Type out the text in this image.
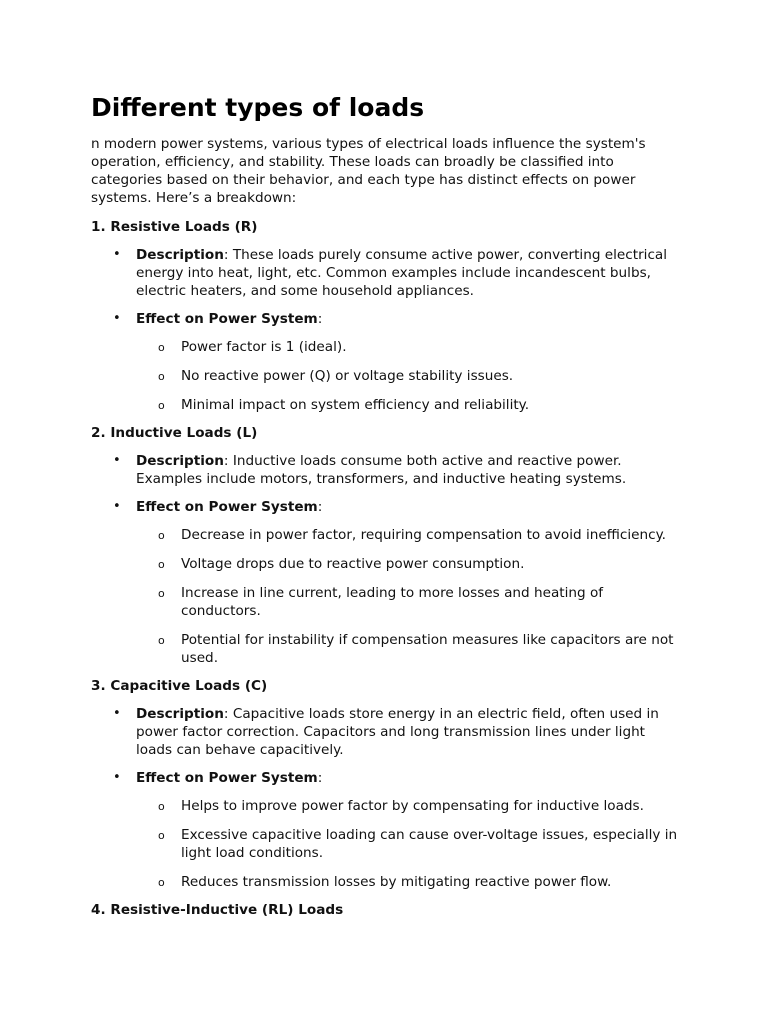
Different types of loads

n modern power systems, various types of electrical loads influence the system's operation, efficiency, and stability. These loads can broadly be classified into categories based on their behavior, and each type has distinct effects on power systems. Here’s a breakdown:

1. Resistive Loads (R)
• Description: These loads purely consume active power, converting electrical energy into heat, light, etc. Common examples include incandescent bulbs, electric heaters, and some household appliances.
• Effect on Power System:
o Power factor is 1 (ideal).
o No reactive power (Q) or voltage stability issues.
o Minimal impact on system efficiency and reliability.
2. Inductive Loads (L)
• Description: Inductive loads consume both active and reactive power. Examples include motors, transformers, and inductive heating systems.
• Effect on Power System:
o Decrease in power factor, requiring compensation to avoid inefficiency.
o Voltage drops due to reactive power consumption.
o Increase in line current, leading to more losses and heating of conductors.
o Potential for instability if compensation measures like capacitors are not used.
3. Capacitive Loads (C)
• Description: Capacitive loads store energy in an electric field, often used in power factor correction. Capacitors and long transmission lines under light loads can behave capacitively.
• Effect on Power System:
o Helps to improve power factor by compensating for inductive loads.
o Excessive capacitive loading can cause over-voltage issues, especially in light load conditions.
o Reduces transmission losses by mitigating reactive power flow.
4. Resistive-Inductive (RL) Loads
